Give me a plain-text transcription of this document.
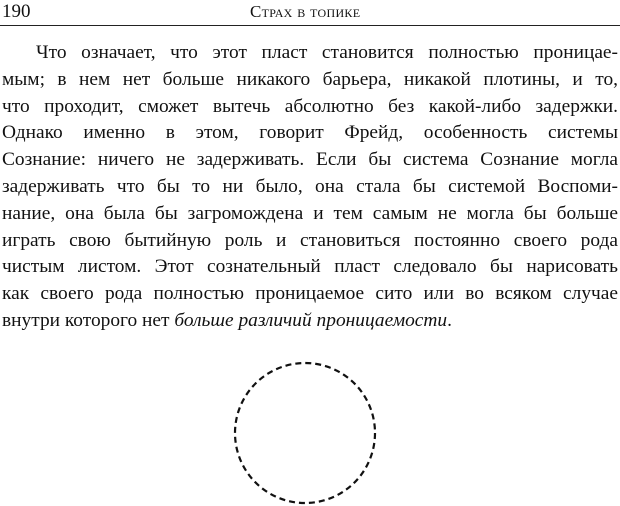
190	Страх в топике
Что означает, что этот пласт становится полностью проницае-
мым; в нем нет больше никакого барьера, никакой плотины, и то,
что проходит, сможет вытечь абсолютно без какой-либо задержки.
Однако именно в этом, говорит Фрейд, особенность системы
Сознание: ничего не задерживать. Если бы система Сознание могла
задерживать что бы то ни было, она стала бы системой Воспоми-
нание, она была бы загромождена и тем самым не могла бы больше
играть свою бытийную роль и становиться постоянно своего рода
чистым листом. Этот сознательный пласт следовало бы нарисовать
как своего рода полностью проницаемое сито или во всяком случае
внутри которого нет больше различий проницаемости.
